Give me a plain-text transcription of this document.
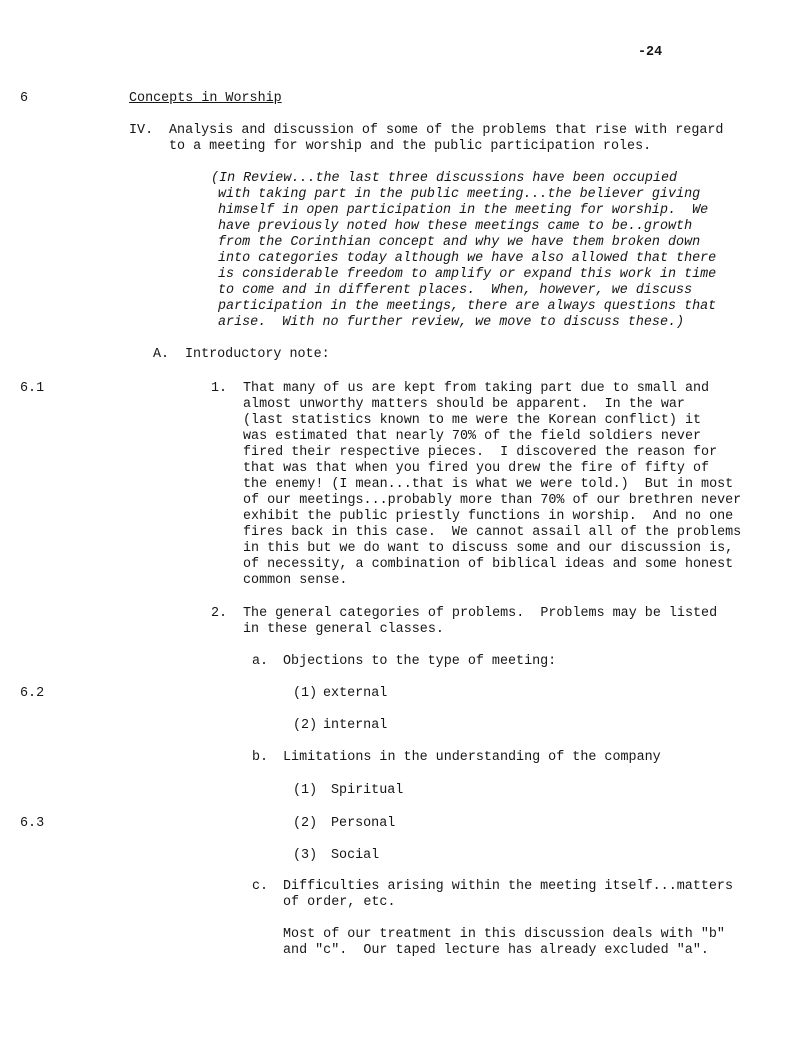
-24
6	Concepts in Worship
IV. Analysis and discussion of some of the problems that rise with regard
to a meeting for worship and the public participation roles.
(In Review...the last three discussions have been occupied
with taking part in the public meeting...the believer giving
himself in open participation in the meeting for worship.  We
have previously noted how these meetings came to be..growth
from the Corinthian concept and why we have them broken down
into categories today although we have also allowed that there
is considerable freedom to amplify or expand this work in time
to come and in different places.  When, however, we discuss
participation in the meetings, there are always questions that
arise.  With no further review, we move to discuss these.)
A. Introductory note:
6.1	1. That many of us are kept from taking part due to small and
almost unworthy matters should be apparent.  In the war
(last statistics known to me were the Korean conflict) it
was estimated that nearly 70% of the field soldiers never
fired their respective pieces.  I discovered the reason for
that was that when you fired you drew the fire of fifty of
the enemy! (I mean...that is what we were told.)  But in most
of our meetings...probably more than 70% of our brethren never
exhibit the public priestly functions in worship.  And no one
fires back in this case.  We cannot assail all of the problems
in this but we do want to discuss some and our discussion is,
of necessity, a combination of biblical ideas and some honest
common sense.
2. The general categories of problems.  Problems may be listed
in these general classes.
a. Objections to the type of meeting:
6.2	(1) external
(2) internal
b. Limitations in the understanding of the company
(1) Spiritual
6.3	(2) Personal
(3) Social
c. Difficulties arising within the meeting itself...matters
of order, etc.
Most of our treatment in this discussion deals with "b"
and "c".  Our taped lecture has already excluded "a".
